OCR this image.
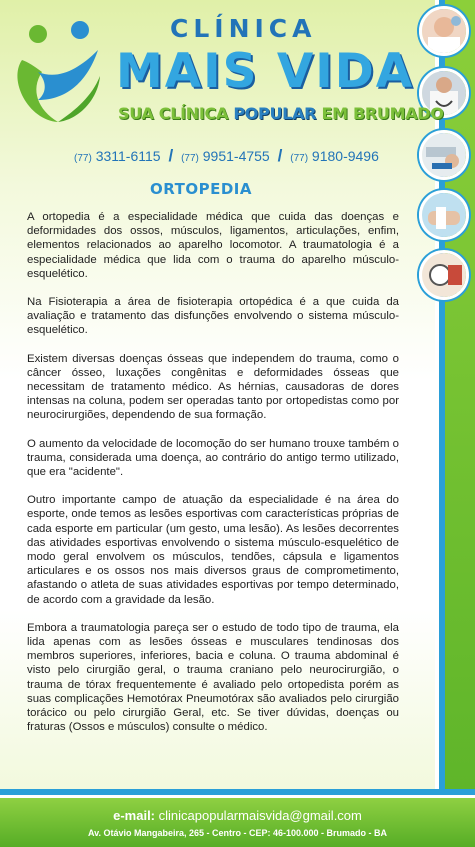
CLÍNICA
MAIS VIDA
SUA CLÍNICA POPULAR EM BRUMADO
(77) 3311-6115 / (77) 9951-4755 / (77) 9180-9496
ORTOPEDIA

A ortopedia é a especialidade médica que cuida das doenças e deformidades dos ossos, músculos, ligamentos, articulações, enfim, elementos relacionados ao aparelho locomotor. A traumatologia é a especialidade médica que lida com o trauma do aparelho músculo-esquelético.

Na Fisioterapia a área de fisioterapia ortopédica é a que cuida da avaliação e tratamento das disfunções envolvendo o sistema músculo-esquelético.

Existem diversas doenças ósseas que independem do trauma, como o câncer ósseo, luxações congênitas e deformidades ósseas que necessitam de tratamento médico. As hérnias, causadoras de dores intensas na coluna, podem ser operadas tanto por ortopedistas como por neurocirurgiões, dependendo de sua formação.

O aumento da velocidade de locomoção do ser humano trouxe também o trauma, considerada uma doença, ao contrário do antigo termo utilizado, que era "acidente".

Outro importante campo de atuação da especialidade é na área do esporte, onde temos as lesões esportivas com características próprias de cada esporte em particular (um gesto, uma lesão). As lesões decorrentes das atividades esportivas envolvendo o sistema músculo-esquelético de modo geral envolvem os músculos, tendões, cápsula e ligamentos articulares e os ossos nos mais diversos graus de comprometimento, afastando o atleta de suas atividades esportivas por tempo determinado, de acordo com a gravidade da lesão.

Embora a traumatologia pareça ser o estudo de todo tipo de trauma, ela lida apenas com as lesões ósseas e musculares tendinosas dos membros superiores, inferiores, bacia e coluna. O trauma abdominal é visto pelo cirurgião geral, o trauma craniano pelo neurocirurgião, o trauma de tórax frequentemente é avaliado pelo ortopedista porém as suas complicações Hemotórax Pneumotórax são avaliados pelo cirurgião torácico ou pelo cirurgião Geral, etc. Se tiver dúvidas, doenças ou fraturas (Ossos e músculos) consulte o médico.

e-mail: clinicapopularmaisvida@gmail.com
Av. Otávio Mangabeira, 265 - Centro - CEP: 46-100.000 - Brumado - BA
